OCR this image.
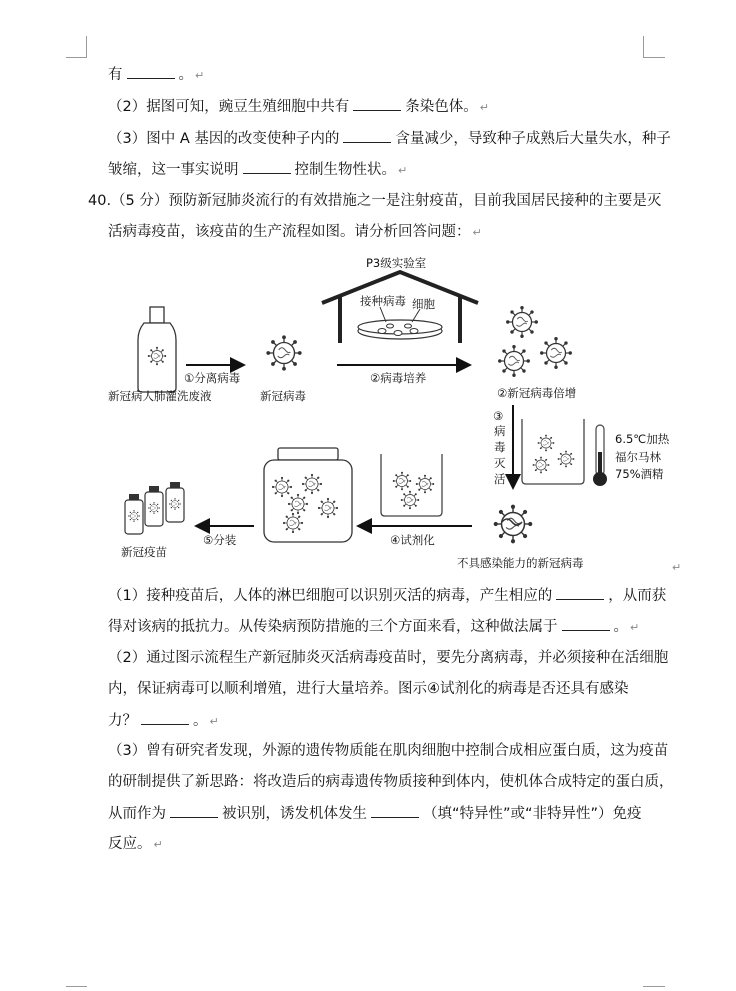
有	。 ↵
（2）据图可知，豌豆生殖细胞中共有	条染色体。 ↵
（3）图中 A 基因的改变使种子内的	含量减少，导致种子成熟后大量失水，种子
皱缩，这一事实说明	控制生物性状。 ↵
40.（5 分）预防新冠肺炎流行的有效措施之一是注射疫苗，目前我国居民接种的主要是灭
活病毒疫苗，该疫苗的生产流程如图。请分析回答问题： ↵
P3级实验室
接种病毒 细胞
新冠病人肺灌洗废液
①分离病毒
新冠病毒
②病毒培养
②新冠病毒倍增
③
病
毒
灭
活
6.5℃加热
福尔马林
75%酒精
不具感染能力的新冠病毒
④试剂化
⑤分装
新冠疫苗
↵
（1）接种疫苗后，人体的淋巴细胞可以识别灭活的病毒，产生相应的	，从而获
得对该病的抵抗力。从传染病预防措施的三个方面来看，这种做法属于	。 ↵
（2）通过图示流程生产新冠肺炎灭活病毒疫苗时，要先分离病毒，并必须接种在活细胞
内，保证病毒可以顺利增殖，进行大量培养。图示④试剂化的病毒是否还具有感染
力？	。 ↵
（3）曾有研究者发现，外源的遗传物质能在肌肉细胞中控制合成相应蛋白质，这为疫苗
的研制提供了新思路：将改造后的病毒遗传物质接种到体内，使机体合成特定的蛋白质，
从而作为	被识别，诱发机体发生	（填“特异性”或“非特异性”）免疫
反应。 ↵
